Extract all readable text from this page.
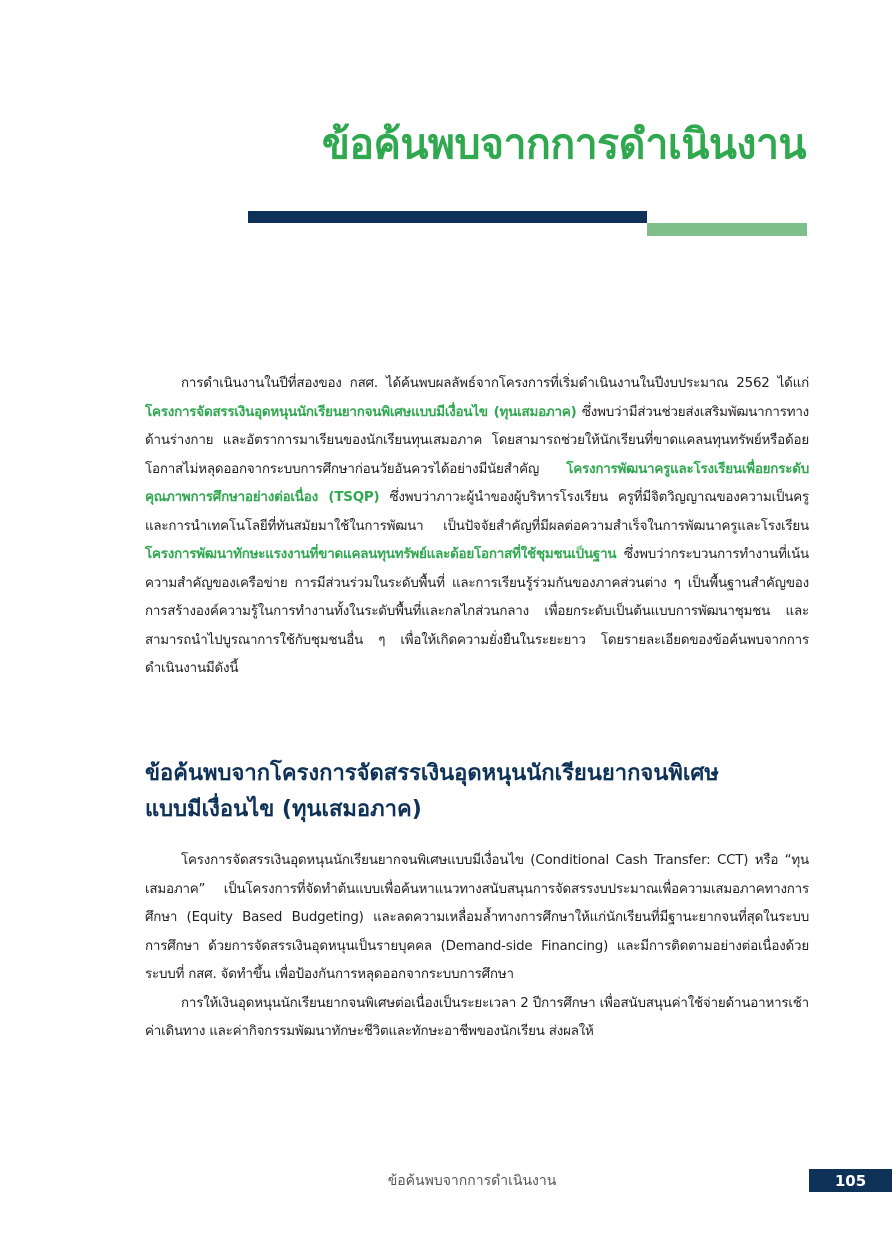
ข้อค้นพบจากการดำเนินงาน

การดำเนินงานในปีที่สองของ กสศ. ได้ค้นพบผลลัพธ์จากโครงการที่เริ่มดำเนินงานในปีงบประมาณ 2562 ได้แก่ โครงการจัดสรรเงินอุดหนุนนักเรียนยากจนพิเศษแบบมีเงื่อนไข (ทุนเสมอภาค) ซึ่งพบว่ามีส่วนช่วยส่งเสริมพัฒนาการทางด้านร่างกาย และอัตราการมาเรียนของนักเรียนทุนเสมอภาค โดยสามารถช่วยให้นักเรียนที่ขาดแคลนทุนทรัพย์หรือด้อยโอกาสไม่หลุดออกจากระบบการศึกษาก่อนวัยอันควรได้อย่างมีนัยสำคัญ โครงการพัฒนาครูและโรงเรียนเพื่อยกระดับคุณภาพการศึกษาอย่างต่อเนื่อง (TSQP) ซึ่งพบว่าภาวะผู้นำของผู้บริหารโรงเรียน ครูที่มีจิตวิญญาณของความเป็นครู และการนำเทคโนโลยีที่ทันสมัยมาใช้ในการพัฒนา เป็นปัจจัยสำคัญที่มีผลต่อความสำเร็จในการพัฒนาครูและโรงเรียน โครงการพัฒนาทักษะแรงงานที่ขาดแคลนทุนทรัพย์และด้อยโอกาสที่ใช้ชุมชนเป็นฐาน ซึ่งพบว่ากระบวนการทำงานที่เน้นความสำคัญของเครือข่าย การมีส่วนร่วมในระดับพื้นที่ และการเรียนรู้ร่วมกันของภาคส่วนต่าง ๆ เป็นพื้นฐานสำคัญของการสร้างองค์ความรู้ในการทำงานทั้งในระดับพื้นที่และกลไกส่วนกลาง เพื่อยกระดับเป็นต้นแบบการพัฒนาชุมชน และสามารถนำไปบูรณาการใช้กับชุมชนอื่น ๆ เพื่อให้เกิดความยั่งยืนในระยะยาว โดยรายละเอียดของข้อค้นพบจากการดำเนินงานมีดังนี้

ข้อค้นพบจากโครงการจัดสรรเงินอุดหนุนนักเรียนยากจนพิเศษ
แบบมีเงื่อนไข (ทุนเสมอภาค)

โครงการจัดสรรเงินอุดหนุนนักเรียนยากจนพิเศษแบบมีเงื่อนไข (Conditional Cash Transfer: CCT) หรือ “ทุนเสมอภาค” เป็นโครงการที่จัดทำต้นแบบเพื่อค้นหาแนวทางสนับสนุนการจัดสรรงบประมาณเพื่อความเสมอภาคทางการศึกษา (Equity Based Budgeting) และลดความเหลื่อมล้ำทางการศึกษาให้แก่นักเรียนที่มีฐานะยากจนที่สุดในระบบการศึกษา ด้วยการจัดสรรเงินอุดหนุนเป็นรายบุคคล (Demand-side Financing) และมีการติดตามอย่างต่อเนื่องด้วยระบบที่ กสศ. จัดทำขึ้น เพื่อป้องกันการหลุดออกจากระบบการศึกษา

การให้เงินอุดหนุนนักเรียนยากจนพิเศษต่อเนื่องเป็นระยะเวลา 2 ปีการศึกษา เพื่อสนับสนุนค่าใช้จ่ายด้านอาหารเช้า ค่าเดินทาง และค่ากิจกรรมพัฒนาทักษะชีวิตและทักษะอาชีพของนักเรียน ส่งผลให้

ข้อค้นพบจากการดำเนินงาน	105
